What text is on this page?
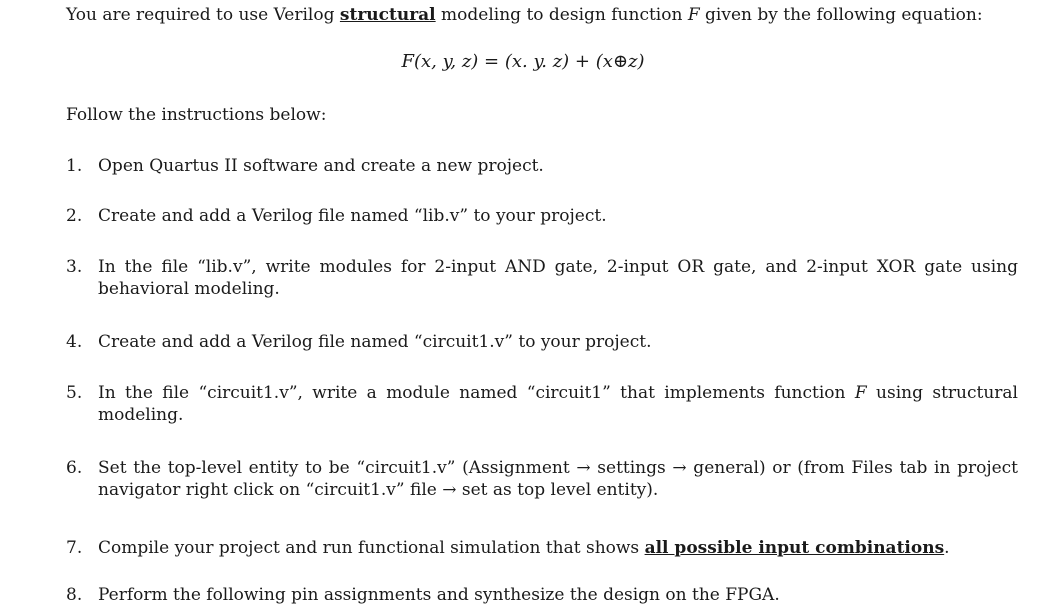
You are required to use Verilog structural modeling to design function F given by the following equation:
F(x, y, z) = (x. y. z) + (x⊕z)
Follow the instructions below:
1. Open Quartus II software and create a new project.
2. Create and add a Verilog file named “lib.v” to your project.
3. In the file “lib.v”, write modules for 2-input AND gate, 2-input OR gate, and 2-input XOR gate using behavioral modeling.
4. Create and add a Verilog file named “circuit1.v” to your project.
5. In the file “circuit1.v”, write a module named “circuit1” that implements function F using structural modeling.
6. Set the top-level entity to be “circuit1.v” (Assignment → settings → general) or (from Files tab in project navigator right click on “circuit1.v” file → set as top level entity).
7. Compile your project and run functional simulation that shows all possible input combinations.
8. Perform the following pin assignments and synthesize the design on the FPGA.
